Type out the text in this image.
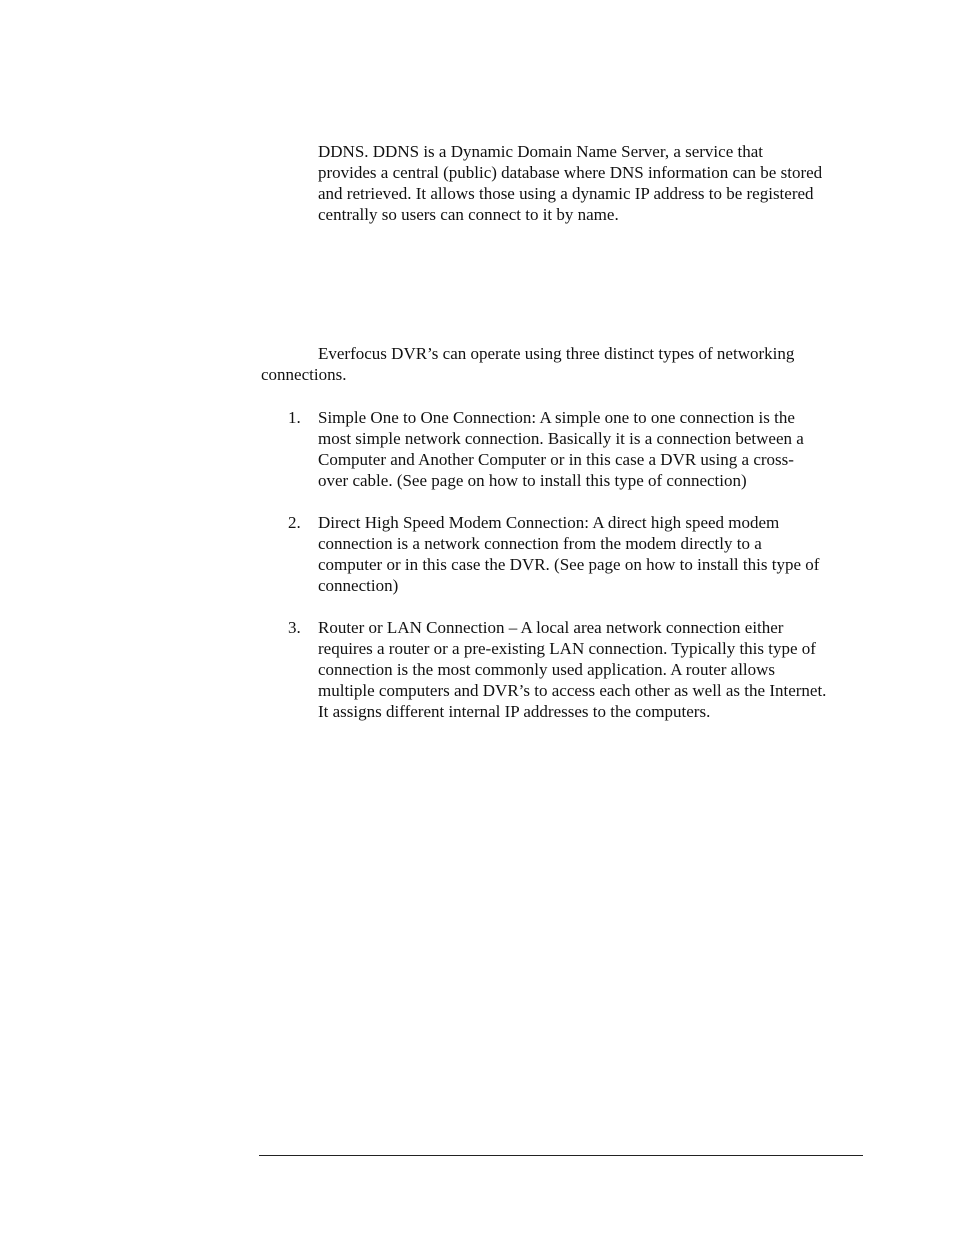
DDNS. DDNS is a Dynamic Domain Name Server, a service that
provides a central (public) database where DNS information can be stored
and retrieved. It allows those using a dynamic IP address to be registered
centrally so users can connect to it by name.
Everfocus DVR’s can operate using three distinct types of networking
connections.
1.	Simple One to One Connection: A simple one to one connection is the
most simple network connection. Basically it is a connection between a
Computer and Another Computer or in this case a DVR using a cross-
over cable. (See page on how to install this type of connection)
2.	Direct High Speed Modem Connection: A direct high speed modem
connection is a network connection from the modem directly to a
computer or in this case the DVR. (See page on how to install this type of
connection)
3.	Router or LAN Connection – A local area network connection either
requires a router or a pre-existing LAN connection. Typically this type of
connection is the most commonly used application. A router allows
multiple computers and DVR’s to access each other as well as the Internet.
It assigns different internal IP addresses to the computers.
